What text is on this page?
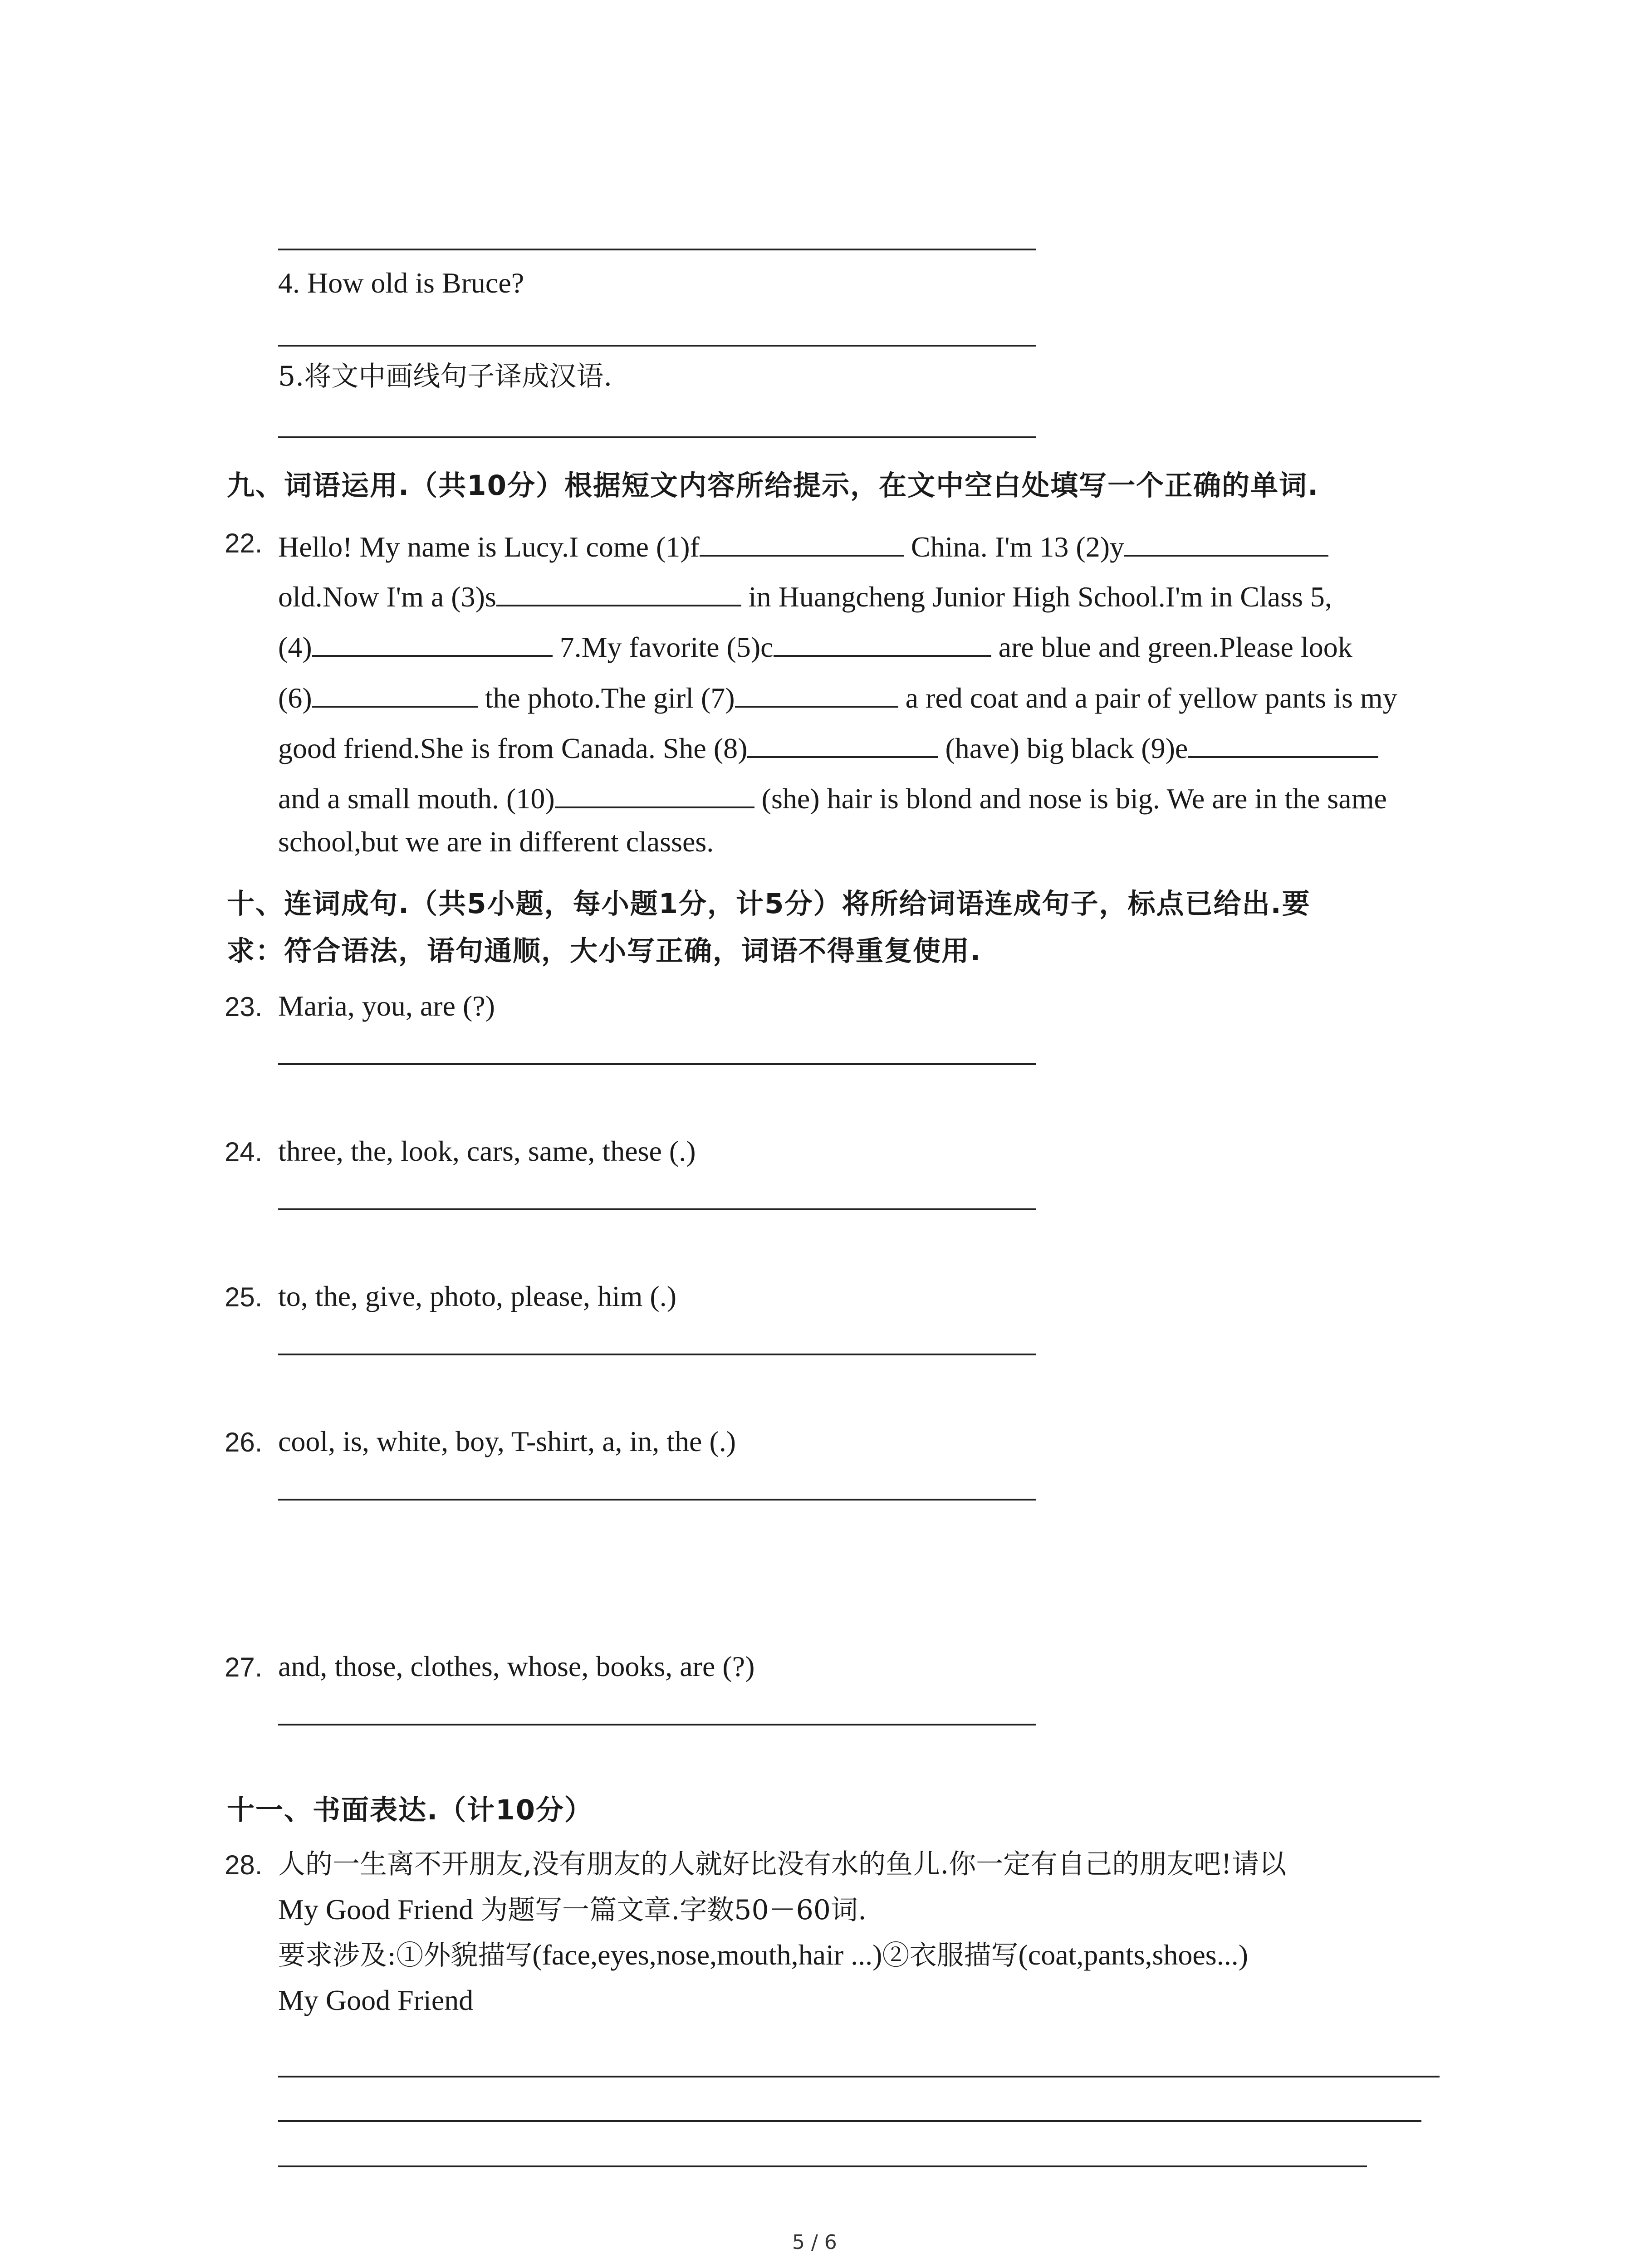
4. How old is Bruce?
5.将文中画线句子译成汉语.
九、词语运用.（共10分）根据短文内容所给提示，在文中空白处填写一个正确的单词.
22. Hello! My name is Lucy.I come (1)f	China. I'm 13 (2)y
old.Now I'm a (3)s	in Huangcheng Junior High School.I'm in Class 5,
(4)	7.My favorite (5)c	are blue and green.Please look
(6)	the photo.The girl (7)	a red coat and a pair of yellow pants is my
good friend.She is from Canada. She (8)	(have) big black (9)e
and a small mouth. (10)	(she) hair is blond and nose is big. We are in the same
school,but we are in different classes.
十、连词成句.（共5小题，每小题1分，计5分）将所给词语连成句子，标点已给出.要
求：符合语法，语句通顺，大小写正确，词语不得重复使用.
23. Maria, you, are (?)
24. three, the, look, cars, same, these (.)
25. to, the, give, photo, please, him (.)
26. cool, is, white, boy, T-shirt, a, in, the (.)
27. and, those, clothes, whose, books, are (?)
十一、书面表达.（计10分）
28. 人的一生离不开朋友,没有朋友的人就好比没有水的鱼儿.你一定有自己的朋友吧!请以
My Good Friend 为题写一篇文章.字数50－60词.
要求涉及:①外貌描写(face,eyes,nose,mouth,hair ...)②衣服描写(coat,pants,shoes...)
My Good Friend
5 / 6
